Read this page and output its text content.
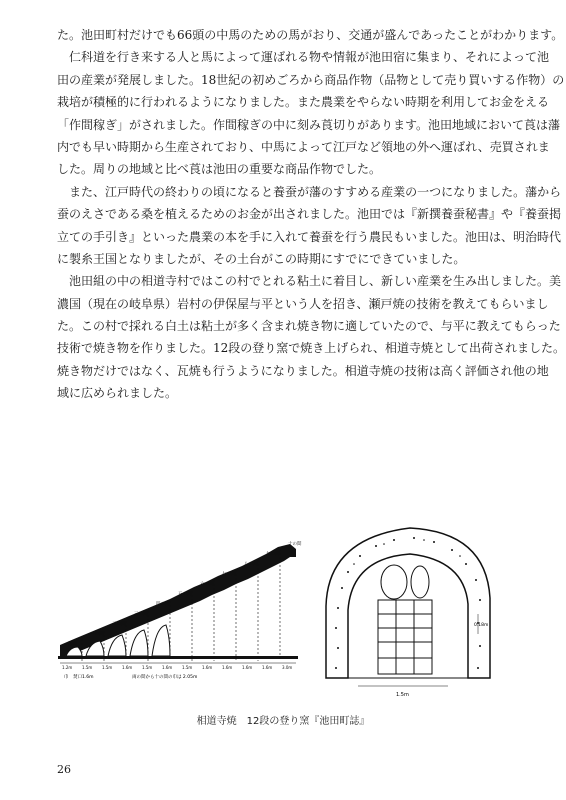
た。池田町村だけでも66頭の中馬のための馬がおり、交通が盛んであったことがわかります。
　仁科道を行き来する人と馬によって運ばれる物や情報が池田宿に集まり、それによって池
田の産業が発展しました。18世紀の初めごろから商品作物（品物として売り買いする作物）の
栽培が積極的に行われるようになりました。また農業をやらない時期を利用してお金をえる
「作間稼ぎ」がされました。作間稼ぎの中に刻み莨切りがあります。池田地域において莨は藩
内でも早い時期から生産されており、中馬によって江戸など領地の外へ運ばれ、売買されま
した。周りの地域と比べ莨は池田の重要な商品作物でした。
　また、江戸時代の終わりの頃になると養蚕が藩のすすめる産業の一つになりました。藩から
蚕のえさである桑を植えるためのお金が出されました。池田では『新撰養蚕秘書』や『養蚕掲
立ての手引き』といった農業の本を手に入れて養蚕を行う農民もいました。池田は、明治時代
に製糸王国となりましたが、その土台がこの時期にすでにできていました。
　池田組の中の相道寺村ではこの村でとれる粘土に着目し、新しい産業を生み出しました。美
濃国（現在の岐阜県）岩村の伊保屋与平という人を招き、瀬戸焼の技術を教えてもらいまし
た。この村で採れる白土は粘土が多く含まれ焼き物に適していたので、与平に教えてもらった
技術で焼き物を作りました。12段の登り窯で焼き上げられ、相道寺焼として出荷されました。
焼き物だけではなく、瓦焼も行うようになりました。相道寺焼の技術は高く評価され他の地
域に広められました。
捨間
一の間
二の間
三の間
四の間
五の間
六の間
七の間
八の間
九の間
十の間
1.2m 1.5m 1.5m 1.6m 1.5m 1.6m 1.5m 1.6m 1.6m 1.6m 1.6m 3.0m
巾　焚口1.6m	両の間から十の間の巾は 2.05m
1.5m
0.18m
相道寺焼　12段の登り窯『池田町誌』
26
